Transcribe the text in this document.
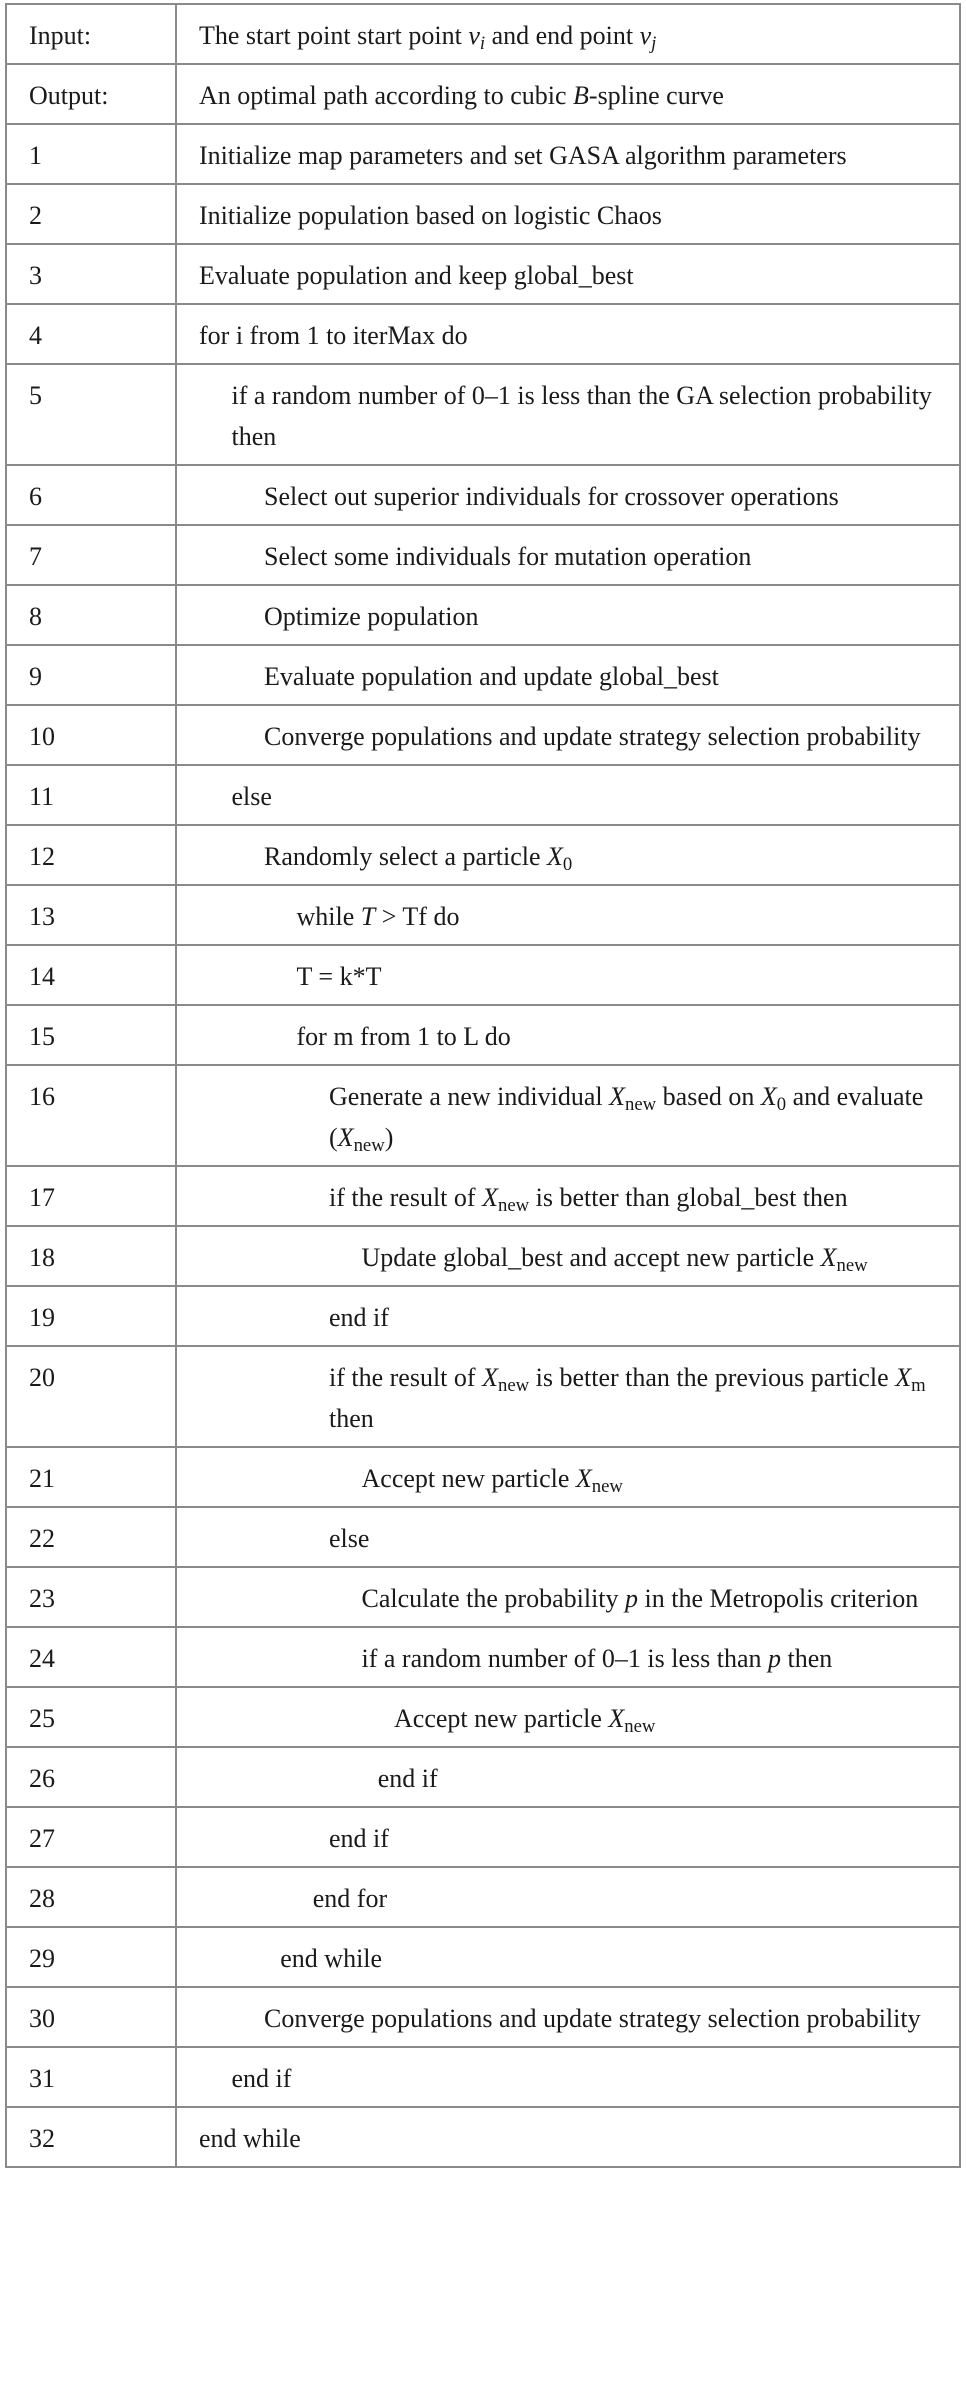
Input:	The start point start point $v_i$ and end point $v_j$
Output:	An optimal path according to cubic B-spline curve
1	Initialize map parameters and set GASA algorithm parameters
2	Initialize population based on logistic Chaos
3	Evaluate population and keep global_best
4	for i from 1 to iterMax do
5	if a random number of 0–1 is less than the GA selection probability then
6	Select out superior individuals for crossover operations
7	Select some individuals for mutation operation
8	Optimize population
9	Evaluate population and update global_best
10	Converge populations and update strategy selection probability
11	else
12	Randomly select a particle $X_0$
13	while T > Tf do
14	T = k*T
15	for m from 1 to L do
16	Generate a new individual $X_{new}$ based on $X_0$ and evaluate $(X_{new})$
17	if the result of $X_{new}$ is better than global_best then
18	Update global_best and accept new particle $X_{new}$
19	end if
20	if the result of $X_{new}$ is better than the previous particle $X_m$ then
21	Accept new particle $X_{new}$
22	else
23	Calculate the probability p in the Metropolis criterion
24	if a random number of 0–1 is less than p then
25	Accept new particle $X_{new}$
26	end if
27	end if
28	end for
29	end while
30	Converge populations and update strategy selection probability
31	end if
32	end while
